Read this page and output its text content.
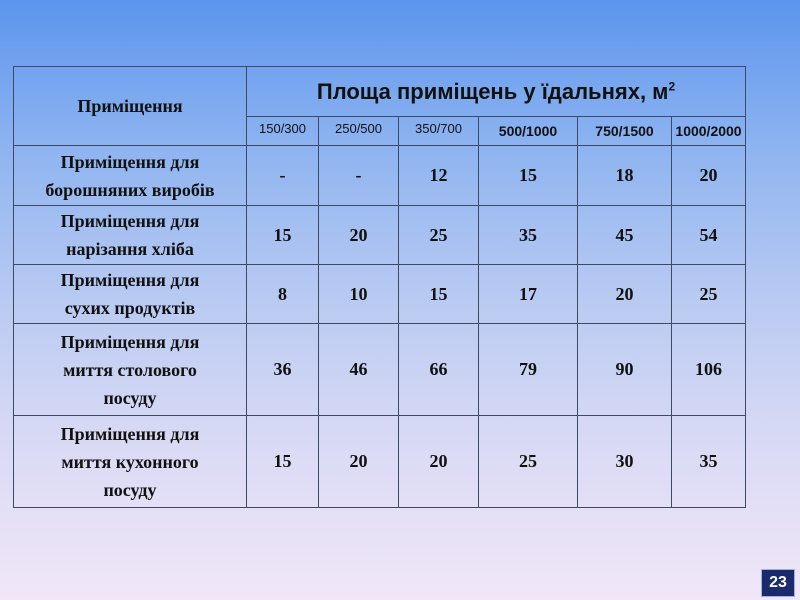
Приміщення	Площа приміщень у їдальнях, $м^2$
	150/300	250/500	350/700	500/1000	750/1500	1000/2000
Приміщення для
борошняних виробів	-	-	12	15	18	20
Приміщення для
нарізання хліба	15	20	25	35	45	54
Приміщення для
сухих продуктів	8	10	15	17	20	25
Приміщення для
миття столового
посуду	36	46	66	79	90	106
Приміщення для
миття кухонного
посуду	15	20	20	25	30	35
23
